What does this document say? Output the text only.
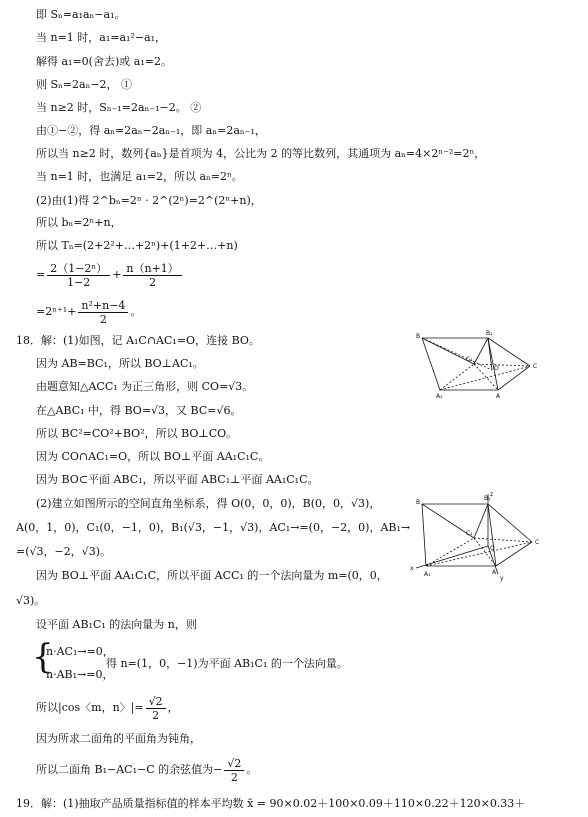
即 Sₙ=a₁aₙ−a₁。
当 n=1 时，a₁=a₁²−a₁，
解得 a₁=0(舍去)或 a₁=2。
则 Sₙ=2aₙ−2， ①
当 n≥2 时，Sₙ₋₁=2aₙ₋₁−2。 ②
由①−②，得 aₙ=2aₙ−2aₙ₋₁，即 aₙ=2aₙ₋₁，
所以当 n≥2 时，数列{aₙ}是首项为 4，公比为 2 的等比数列，其通项为 aₙ=4×2ⁿ⁻²=2ⁿ，
当 n=1 时，也满足 a₁=2，所以 aₙ=2ⁿ。
(2)由(1)得 2^bₙ=2ⁿ · 2^(2ⁿ)=2^(2ⁿ+n)，
所以 bₙ=2ⁿ+n，
所以 Tₙ=(2+2²+…+2ⁿ)+(1+2+…+n)
= $\frac{\text{2（1−2ⁿ）}}{1-2} + \frac{n(n+1)}{2}$
$=2^{n+1}+ \frac{\text{n²+n−4}}{2}$ 。
18．解：(1)如图，记 A₁C∩AC₁=O，连接 BO。
因为 AB=BC₁，所以 BO⊥AC₁。
由题意知△ACC₁ 为正三角形，则 CO=√3。
在△ABC₁ 中，得 BO=√3，又 BC=√6。
所以 BC²=CO²+BO²，所以 BO⊥CO。
因为 CO∩AC₁=O，所以 BO⊥平面 AA₁C₁C。
因为 BO⊂平面 ABC₁，所以平面 ABC₁⊥平面 AA₁C₁C。
(2)建立如图所示的空间直角坐标系，得 O(0，0，0)，B(0，0，√3)，
A(0，1，0)，C₁(0，−1，0)，B₁(√3，−1，√3)，AC₁→=(0，−2，0)，AB₁→
=(√3，−2，√3)。
因为 BO⊥平面 AA₁C₁C，所以平面 ACC₁ 的一个法向量为 m=(0，0，
√3)。
设平面 AB₁C₁ 的法向量为 n，则
{
n·AC₁→=0，
n·AB₁→=0，
得 n=(1，0，−1)为平面 AB₁C₁ 的一个法向量。
所以|cos〈m，n〉|= $\frac{√2}{2}$ ，
因为所求二面角的平面角为钝角，
所以二面角 B₁−AC₁−C 的余弦值为− $\frac{√2}{2}$ 。
19．解：(1)抽取产品质量指标值的样本平均数 x̄ = 90×0.02＋100×0.09＋110×0.22＋120×0.33＋
B	B₁
C₁
O	C
A₁	A
B
B₁
z
C₁
O
C
x
A₁	A
y
